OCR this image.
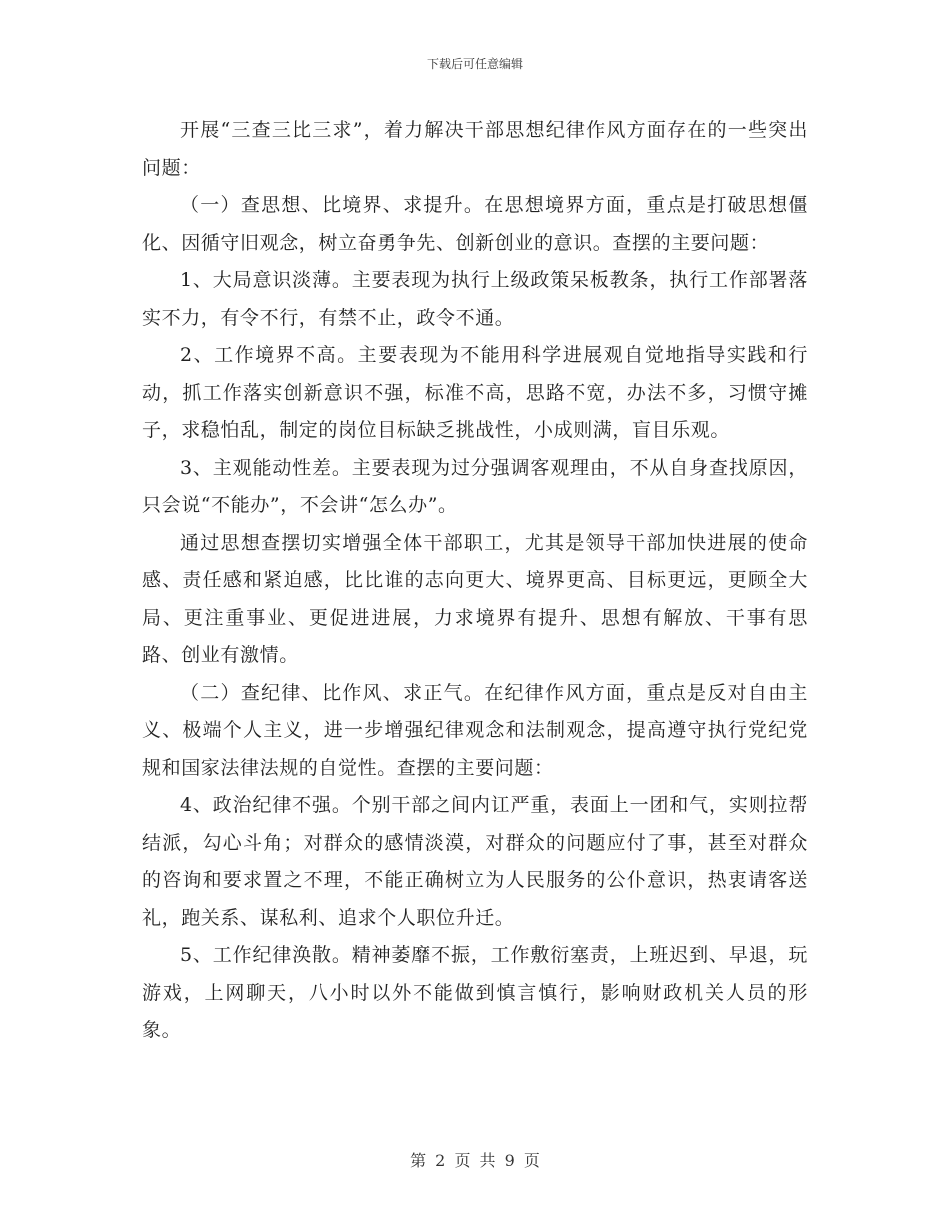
下载后可任意编辑

开展“三查三比三求”，着力解决干部思想纪律作风方面存在的一些突出问题：

（一）查思想、比境界、求提升。在思想境界方面，重点是打破思想僵化、因循守旧观念，树立奋勇争先、创新创业的意识。查摆的主要问题：

1、大局意识淡薄。主要表现为执行上级政策呆板教条，执行工作部署落实不力，有令不行，有禁不止，政令不通。

2、工作境界不高。主要表现为不能用科学进展观自觉地指导实践和行动，抓工作落实创新意识不强，标准不高，思路不宽，办法不多，习惯守摊子，求稳怕乱，制定的岗位目标缺乏挑战性，小成则满，盲目乐观。

3、主观能动性差。主要表现为过分强调客观理由，不从自身查找原因，只会说“不能办”，不会讲“怎么办”。

通过思想查摆切实增强全体干部职工，尤其是领导干部加快进展的使命感、责任感和紧迫感，比比谁的志向更大、境界更高、目标更远，更顾全大局、更注重事业、更促进进展，力求境界有提升、思想有解放、干事有思路、创业有激情。

（二）查纪律、比作风、求正气。在纪律作风方面，重点是反对自由主义、极端个人主义，进一步增强纪律观念和法制观念，提高遵守执行党纪党规和国家法律法规的自觉性。查摆的主要问题：

4、政治纪律不强。个别干部之间内讧严重，表面上一团和气，实则拉帮结派，勾心斗角；对群众的感情淡漠，对群众的问题应付了事，甚至对群众的咨询和要求置之不理，不能正确树立为人民服务的公仆意识，热衷请客送礼，跑关系、谋私利、追求个人职位升迁。

5、工作纪律涣散。精神萎靡不振，工作敷衍塞责，上班迟到、早退，玩游戏，上网聊天，八小时以外不能做到慎言慎行，影响财政机关人员的形象。

第 2 页 共 9 页
